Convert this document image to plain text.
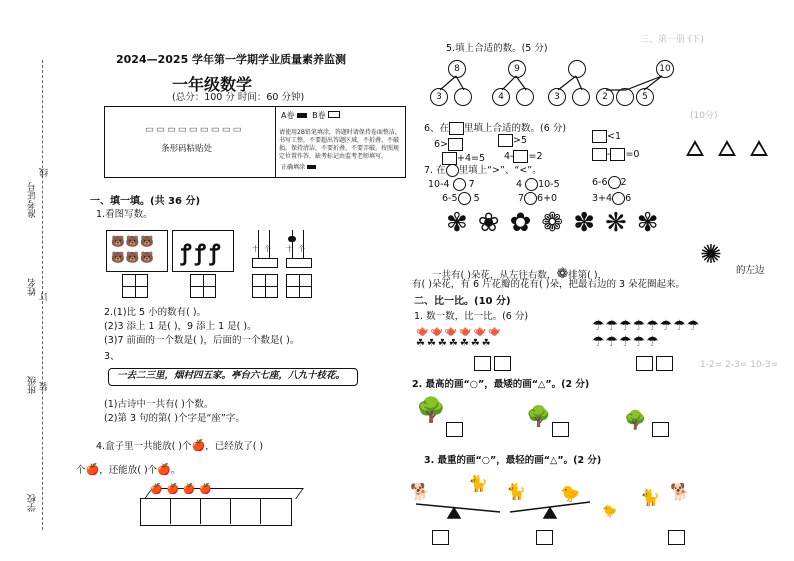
三、第一册 (下)
(10分)
1-2= 2-3= 10-3=
准考证号
线
姓名
订
班级 装
学校
2024—2025 学年第一学期学业质量素养监测
一年级数学
(总分：100 分 时间：60 分钟)
▭▭▭▭▭▭▭▭▭
条形码粘贴处
A卷 B卷
请使用2B铅笔填涂，答题时请保持卷面整洁，书写工整，不要超出答题区域，不折叠，不破损。保持清洁，不要折叠、不要弄破。按照规定位置作答，缺考标记由监考老师填写。
正确填涂
一、填一填。(共 36 分)
1.看图写数。
🐻🐻🐻
🐻🐻🐻 ꝭꝭꝭ	十 个 十 个
2.(1)比 5 小的数有( )。
(2)3 添上 1 是( )，9 添上 1 是( )。
(3)7 前面的一个数是( )，后面的一个数是( )。
3、
一去二三里，烟村四五家。亭台六七座，八九十枝花。
(1)古诗中一共有( )个数。
(2)第 3 句的第( )个字是“座”字。
4.盒子里一共能放( )个🍎，已经放了( )
个🍎，还能放( )个🍎。
🍎🍎🍎🍎
5.填上合适的数。(5 分)
8	9	10
3	4	3	2	5
6、在 里填上合适的数。(6 分)
6>	>5	<1
+4=5 4- =2	- =0
7. 在 里填上“>”、“<”。
10-4 7	4 10-5	6-6 2
6-5 5	7 6+0	3+4 6
✾❀✿❁✽❋✾
一共有( )朵花，从左往右数，❁排第( )，
✺
的左边
有( )朵花，有 6 片花瓣的花有( )朵，把最右边的 3 朵花圈起来。
二、比一比。(10 分)
1. 数一数，比一比。(6 分)
🫖🫖🫖🫖🫖🫖
☘☘☘☘☘☘☘
☂☂☂☂☂☂☂☂
☂☂☂☂☂
2. 最高的画“○”，最矮的画“△”。(2 分)
🌳	🌳	🌳
3. 最重的画“○”，最轻的画“△”。(2 分)
🐕 🐈 🐈 🐤	🐈 🐕
🐤
